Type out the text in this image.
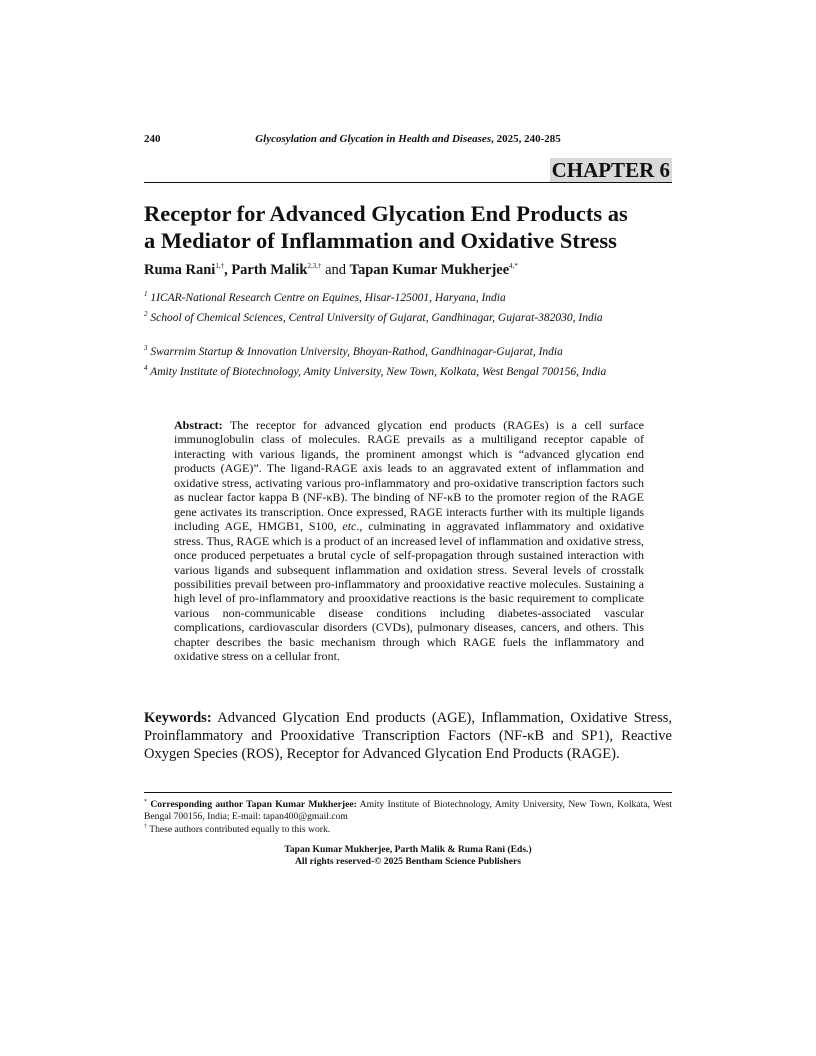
240	Glycosylation and Glycation in Health and Diseases, 2025, 240-285
CHAPTER 6
Receptor for Advanced Glycation End Products as
a Mediator of Inflammation and Oxidative Stress
Ruma Rani$^{1,\dagger}$, Parth Malik$^{2,3,\dagger}$ and Tapan Kumar Mukherjee$^{4,*}$
$^1$ 1ICAR-National Research Centre on Equines, Hisar-125001, Haryana, India
$^2$ School of Chemical Sciences, Central University of Gujarat, Gandhinagar, Gujarat-382030, India
$^3$ Swarrnim Startup & Innovation University, Bhoyan-Rathod, Gandhinagar-Gujarat, India
$^4$ Amity Institute of Biotechnology, Amity University, New Town, Kolkata, West Bengal 700156, India
Abstract: The receptor for advanced glycation end products (RAGEs) is a cell surface immunoglobulin class of molecules. RAGE prevails as a multiligand receptor capable of interacting with various ligands, the prominent amongst which is “advanced glycation end products (AGE)”. The ligand-RAGE axis leads to an aggravated extent of inflammation and oxidative stress, activating various pro-inflammatory and pro-oxidative transcription factors such as nuclear factor kappa B (NF-κB). The binding of NF-κB to the promoter region of the RAGE gene activates its transcription. Once expressed, RAGE interacts further with its multiple ligands including AGE, HMGB1, S100, etc., culminating in aggravated inflammatory and oxidative stress. Thus, RAGE which is a product of an increased level of inflammation and oxidative stress, once produced perpetuates a brutal cycle of self-propagation through sustained interaction with various ligands and subsequent inflammation and oxidation stress. Several levels of crosstalk possibilities prevail between pro-inflammatory and prooxidative reactive molecules. Sustaining a high level of pro-inflammatory and prooxidative reactions is the basic requirement to complicate various non-communicable disease conditions including diabetes-associated vascular complications, cardiovascular disorders (CVDs), pulmonary diseases, cancers, and others. This chapter describes the basic mechanism through which RAGE fuels the inflammatory and oxidative stress on a cellular front.
Keywords: Advanced Glycation End products (AGE), Inflammation, Oxidative Stress, Proinflammatory and Prooxidative Transcription Factors (NF-κB and SP1), Reactive Oxygen Species (ROS), Receptor for Advanced Glycation End Products (RAGE).
* Corresponding author Tapan Kumar Mukherjee: Amity Institute of Biotechnology, Amity University, New Town, Kolkata, West Bengal 700156, India; E-mail: tapan400@gmail.com
† These authors contributed equally to this work.
Tapan Kumar Mukherjee, Parth Malik & Ruma Rani (Eds.)
All rights reserved-© 2025 Bentham Science Publishers
